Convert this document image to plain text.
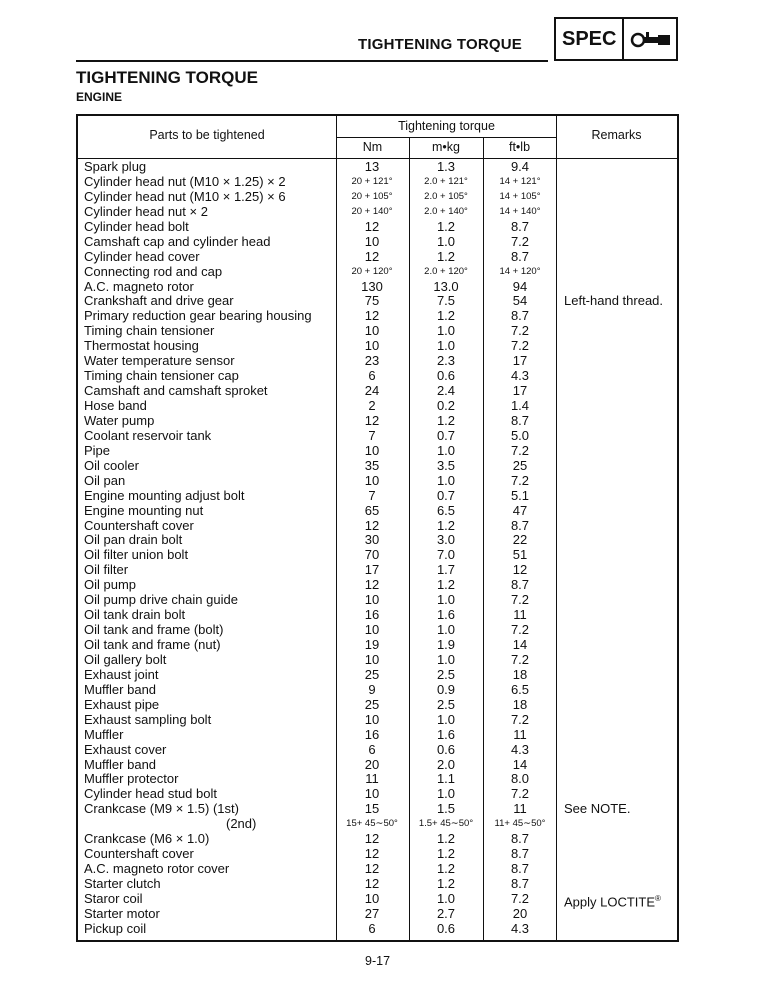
TIGHTENING TORQUE SPEC
TIGHTENING TORQUE
ENGINE
Parts to be tightened
Tightening torque
Nm	m•kg	ft•lb
Remarks
Spark plug	13	1.3	9.4
Cylinder head nut (M10 × 1.25) × 2	20 + 121°	2.0 + 121°	14 + 121°
Cylinder head nut (M10 × 1.25) × 6	20 + 105°	2.0 + 105°	14 + 105°
Cylinder head nut × 2	20 + 140°	2.0 + 140°	14 + 140°
Cylinder head bolt	12	1.2	8.7
Camshaft cap and cylinder head	10	1.0	7.2
Cylinder head cover	12	1.2	8.7
Connecting rod and cap	20 + 120°	2.0 + 120°	14 + 120°
A.C. magneto rotor	130	13.0	94
Crankshaft and drive gear	75	7.5	54	Left-hand thread.
Primary reduction gear bearing housing	12	1.2	8.7
Timing chain tensioner	10	1.0	7.2
Thermostat housing	10	1.0	7.2
Water temperature sensor	23	2.3	17
Timing chain tensioner cap	6	0.6	4.3
Camshaft and camshaft sproket	24	2.4	17
Hose band	2	0.2	1.4
Water pump	12	1.2	8.7
Coolant reservoir tank	7	0.7	5.0
Pipe	10	1.0	7.2
Oil cooler	35	3.5	25
Oil pan	10	1.0	7.2
Engine mounting adjust bolt	7	0.7	5.1
Engine mounting nut	65	6.5	47
Countershaft cover	12	1.2	8.7
Oil pan drain bolt	30	3.0	22
Oil filter union bolt	70	7.0	51
Oil filter	17	1.7	12
Oil pump	12	1.2	8.7
Oil pump drive chain guide	10	1.0	7.2
Oil tank drain bolt	16	1.6	11
Oil tank and frame (bolt)	10	1.0	7.2
Oil tank and frame (nut)	19	1.9	14
Oil gallery bolt	10	1.0	7.2
Exhaust joint	25	2.5	18
Muffler band	9	0.9	6.5
Exhaust pipe	25	2.5	18
Exhaust sampling bolt	10	1.0	7.2
Muffler	16	1.6	11
Exhaust cover	6	0.6	4.3
Muffler band	20	2.0	14
Muffler protector	11	1.1	8.0
Cylinder head stud bolt	10	1.0	7.2
Crankcase (M9 × 1.5) (1st)	15	1.5	11	See NOTE.
(2nd)	15+ 45∼50°	1.5+ 45∼50°	11+ 45∼50°
Crankcase (M6 × 1.0)	12	1.2	8.7
Countershaft cover	12	1.2	8.7
A.C. magneto rotor cover	12	1.2	8.7
Starter clutch	12	1.2	8.7
Staror coil	10	1.0	7.2	Apply LOCTITE®
Starter motor	27	2.7	20
Pickup coil	6	0.6	4.3
9-17
